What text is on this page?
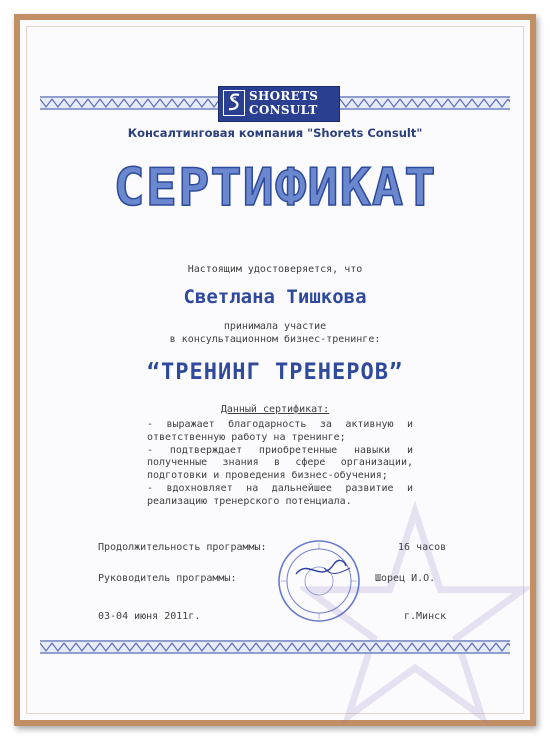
SHORETS
CONSULT
Консалтинговая компания "Shorets Consult"
СЕРТИФИКАТ
Настоящим удостоверяется, что
Светлана Тишкова
принимала участие
в консультационном бизнес-тренинге:
“ТРЕНИНГ ТРЕНЕРОВ”
Данный сертификат:
- выражает благодарность за активную и ответственную работу на тренинге;
- подтверждает приобретенные навыки и полученные знания в сфере организации, подготовки и проведения бизнес-обучения;
- вдохновляет на дальнейшее развитие и реализацию тренерского потенциала.
Продолжительность программы:	16 часов
Руководитель программы:	Шорец И.О.
03-04 июня 2011г.	г.Минск
